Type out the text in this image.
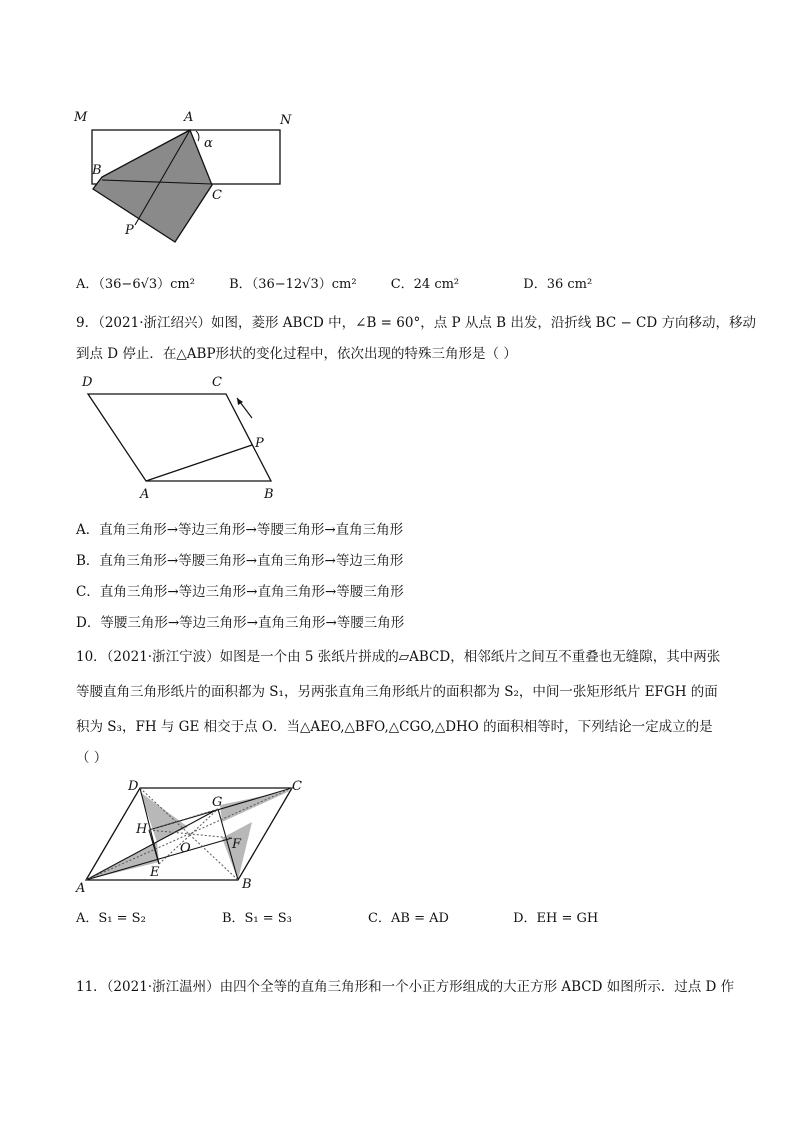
M	A	N
α
B
C
P
A．（36−6√3）cm²	B．（36−12√3）cm²	C．24 cm²	D．36 cm²
9．（2021·浙江绍兴）如图，菱形 ABCD 中，∠B = 60°，点 P 从点 B 出发，沿折线 BC − CD 方向移动，移动
到点 D 停止．在△ABP形状的变化过程中，依次出现的特殊三角形是（ ）
D	C
P
A	B
A．直角三角形→等边三角形→等腰三角形→直角三角形
B．直角三角形→等腰三角形→直角三角形→等边三角形
C．直角三角形→等边三角形→直角三角形→等腰三角形
D．等腰三角形→等边三角形→直角三角形→等腰三角形
10．（2021·浙江宁波）如图是一个由 5 张纸片拼成的▱ABCD，相邻纸片之间互不重叠也无缝隙，其中两张
等腰直角三角形纸片的面积都为 S₁，另两张直角三角形纸片的面积都为 S₂，中间一张矩形纸片 EFGH 的面
积为 S₃，FH 与 GE 相交于点 O．当△AEO,△BFO,△CGO,△DHO 的面积相等时，下列结论一定成立的是
（ ）
D	C
G
H
O	F
A
E
B
A．S₁ = S₂	B．S₁ = S₃	C．AB = AD	D．EH = GH
11．（2021·浙江温州）由四个全等的直角三角形和一个小正方形组成的大正方形 ABCD 如图所示．过点 D 作
